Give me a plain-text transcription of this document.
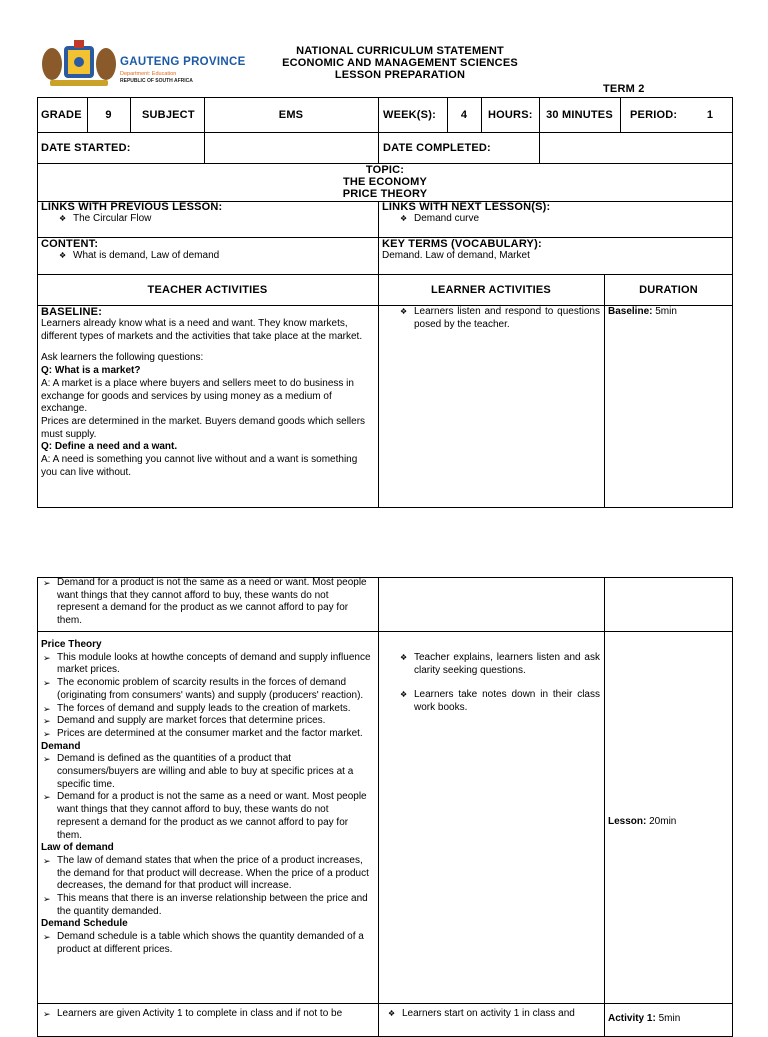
GAUTENG PROVINCE
Department: Education
REPUBLIC OF SOUTH AFRICA
NATIONAL CURRICULUM STATEMENT
ECONOMIC AND MANAGEMENT SCIENCES
LESSON PREPARATION
TERM 2
GRADE	9	SUBJECT	EMS	WEEK(S):	4	HOURS:	30 MINUTES	PERIOD:	1
DATE STARTED:	DATE COMPLETED:
TOPIC:
THE ECONOMY
PRICE THEORY
LINKS WITH PREVIOUS LESSON:
❖ The Circular Flow
LINKS WITH NEXT LESSON(S):
❖ Demand curve
CONTENT:
❖ What is demand, Law of demand
KEY TERMS (VOCABULARY):
Demand. Law of demand, Market
TEACHER ACTIVITIES	LEARNER ACTIVITIES	DURATION
BASELINE:
Learners already know what is a need and want. They know markets, different types of markets and the activities that take place at the market.
Ask learners the following questions:
Q: What is a market?
A: A market is a place where buyers and sellers meet to do business in exchange for goods and services by using money as a medium of exchange.
Prices are determined in the market. Buyers demand goods which sellers must supply.
Q: Define a need and a want.
A: A need is something you cannot live without and a want is something you can live without.
❖ Learners listen and respond to questions posed by the teacher.
Baseline: 5min
➢ Demand for a product is not the same as a need or want. Most people want things that they cannot afford to buy, these wants do not represent a demand for the product as we cannot afford to pay for them.
Price Theory
➢ This module looks at howthe concepts of demand and supply influence market prices.
➢ The economic problem of scarcity results in the forces of demand (originating from consumers' wants) and supply (producers' reaction).
➢ The forces of demand and supply leads to the creation of markets.
➢ Demand and supply are market forces that determine prices.
➢ Prices are determined at the consumer market and the factor market.
Demand
➢ Demand is defined as the quantities of a product that consumers/buyers are willing and able to buy at specific prices at a specific time.
➢ Demand for a product is not the same as a need or want. Most people want things that they cannot afford to buy, these wants do not represent a demand for the product as we cannot afford to pay for them.
Law of demand
➢ The law of demand states that when the price of a product increases, the demand for that product will decrease. When the price of a product decreases, the demand for that product will increase.
➢ This means that there is an inverse relationship between the price and the quantity demanded.
Demand Schedule
➢ Demand schedule is a table which shows the quantity demanded of a product at different prices.
❖ Teacher explains, learners listen and ask clarity seeking questions.
❖ Learners take notes down in their class work books.
Lesson: 20min
➢ Learners are given Activity 1 to complete in class and if not to be
❖	Learners start on activity 1 in class and	Activity 1: 5min
